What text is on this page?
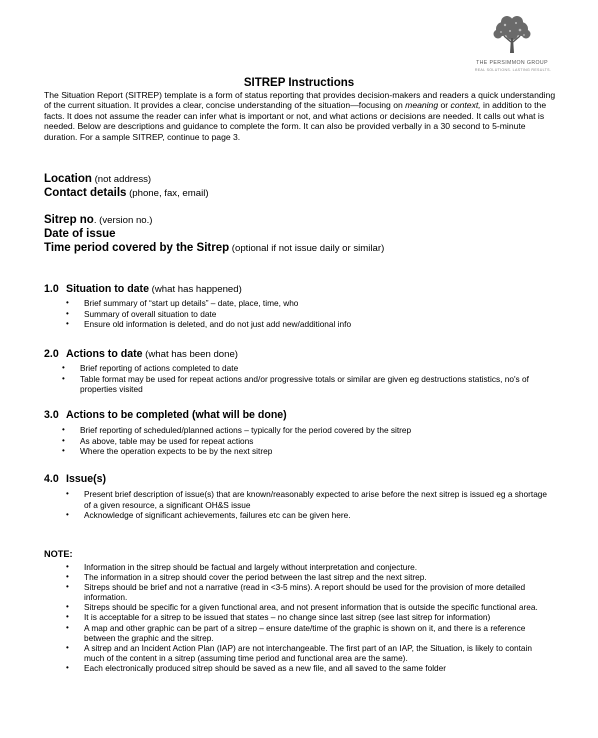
THE PERSIMMON GROUP
REAL SOLUTIONS. LASTING RESULTS.
SITREP Instructions
The Situation Report (SITREP) template is a form of status reporting that provides decision-makers and readers a quick understanding of the current situation. It provides a clear, concise understanding of the situation—focusing on meaning or context, in addition to the facts. It does not assume the reader can infer what is important or not, and what actions or decisions are needed. It calls out what is needed. Below are descriptions and guidance to complete the form. It can also be provided verbally in a 30 second to 5-minute duration. For a sample SITREP, continue to page 3.
Location (not address)
Contact details (phone, fax, email)
Sitrep no. (version no.)
Date of issue
Time period covered by the Sitrep (optional if not issue daily or similar)
1.0 Situation to date (what has happened)
•	Brief summary of “start up details” – date, place, time, who
•	Summary of overall situation to date
•	Ensure old information is deleted, and do not just add new/additional info
2.0 Actions to date (what has been done)
•	Brief reporting of actions completed to date
•	Table format may be used for repeat actions and/or progressive totals or similar are given eg destructions statistics, no's of properties visited
3.0 Actions to be completed (what will be done)
•	Brief reporting of scheduled/planned actions – typically for the period covered by the sitrep
•	As above, table may be used for repeat actions
•	Where the operation expects to be by the next sitrep
4.0 Issue(s)
•	Present brief description of issue(s) that are known/reasonably expected to arise before the next sitrep is issued eg a shortage of a given resource, a significant OH&S issue
•	Acknowledge of significant achievements, failures etc can be given here.
NOTE:
•	Information in the sitrep should be factual and largely without interpretation and conjecture.
•	The information in a sitrep should cover the period between the last sitrep and the next sitrep.
•	Sitreps should be brief and not a narrative (read in <3-5 mins). A report should be used for the provision of more detailed information.
•	Sitreps should be specific for a given functional area, and not present information that is outside the specific functional area.
•	It is acceptable for a sitrep to be issued that states – no change since last sitrep (see last sitrep for information)
•	A map and other graphic can be part of a sitrep – ensure date/time of the graphic is shown on it, and there is a reference between the graphic and the sitrep.
•	A sitrep and an Incident Action Plan (IAP) are not interchangeable. The first part of an IAP, the Situation, is likely to contain much of the content in a sitrep (assuming time period and functional area are the same).
•	Each electronically produced sitrep should be saved as a new file, and all saved to the same folder
